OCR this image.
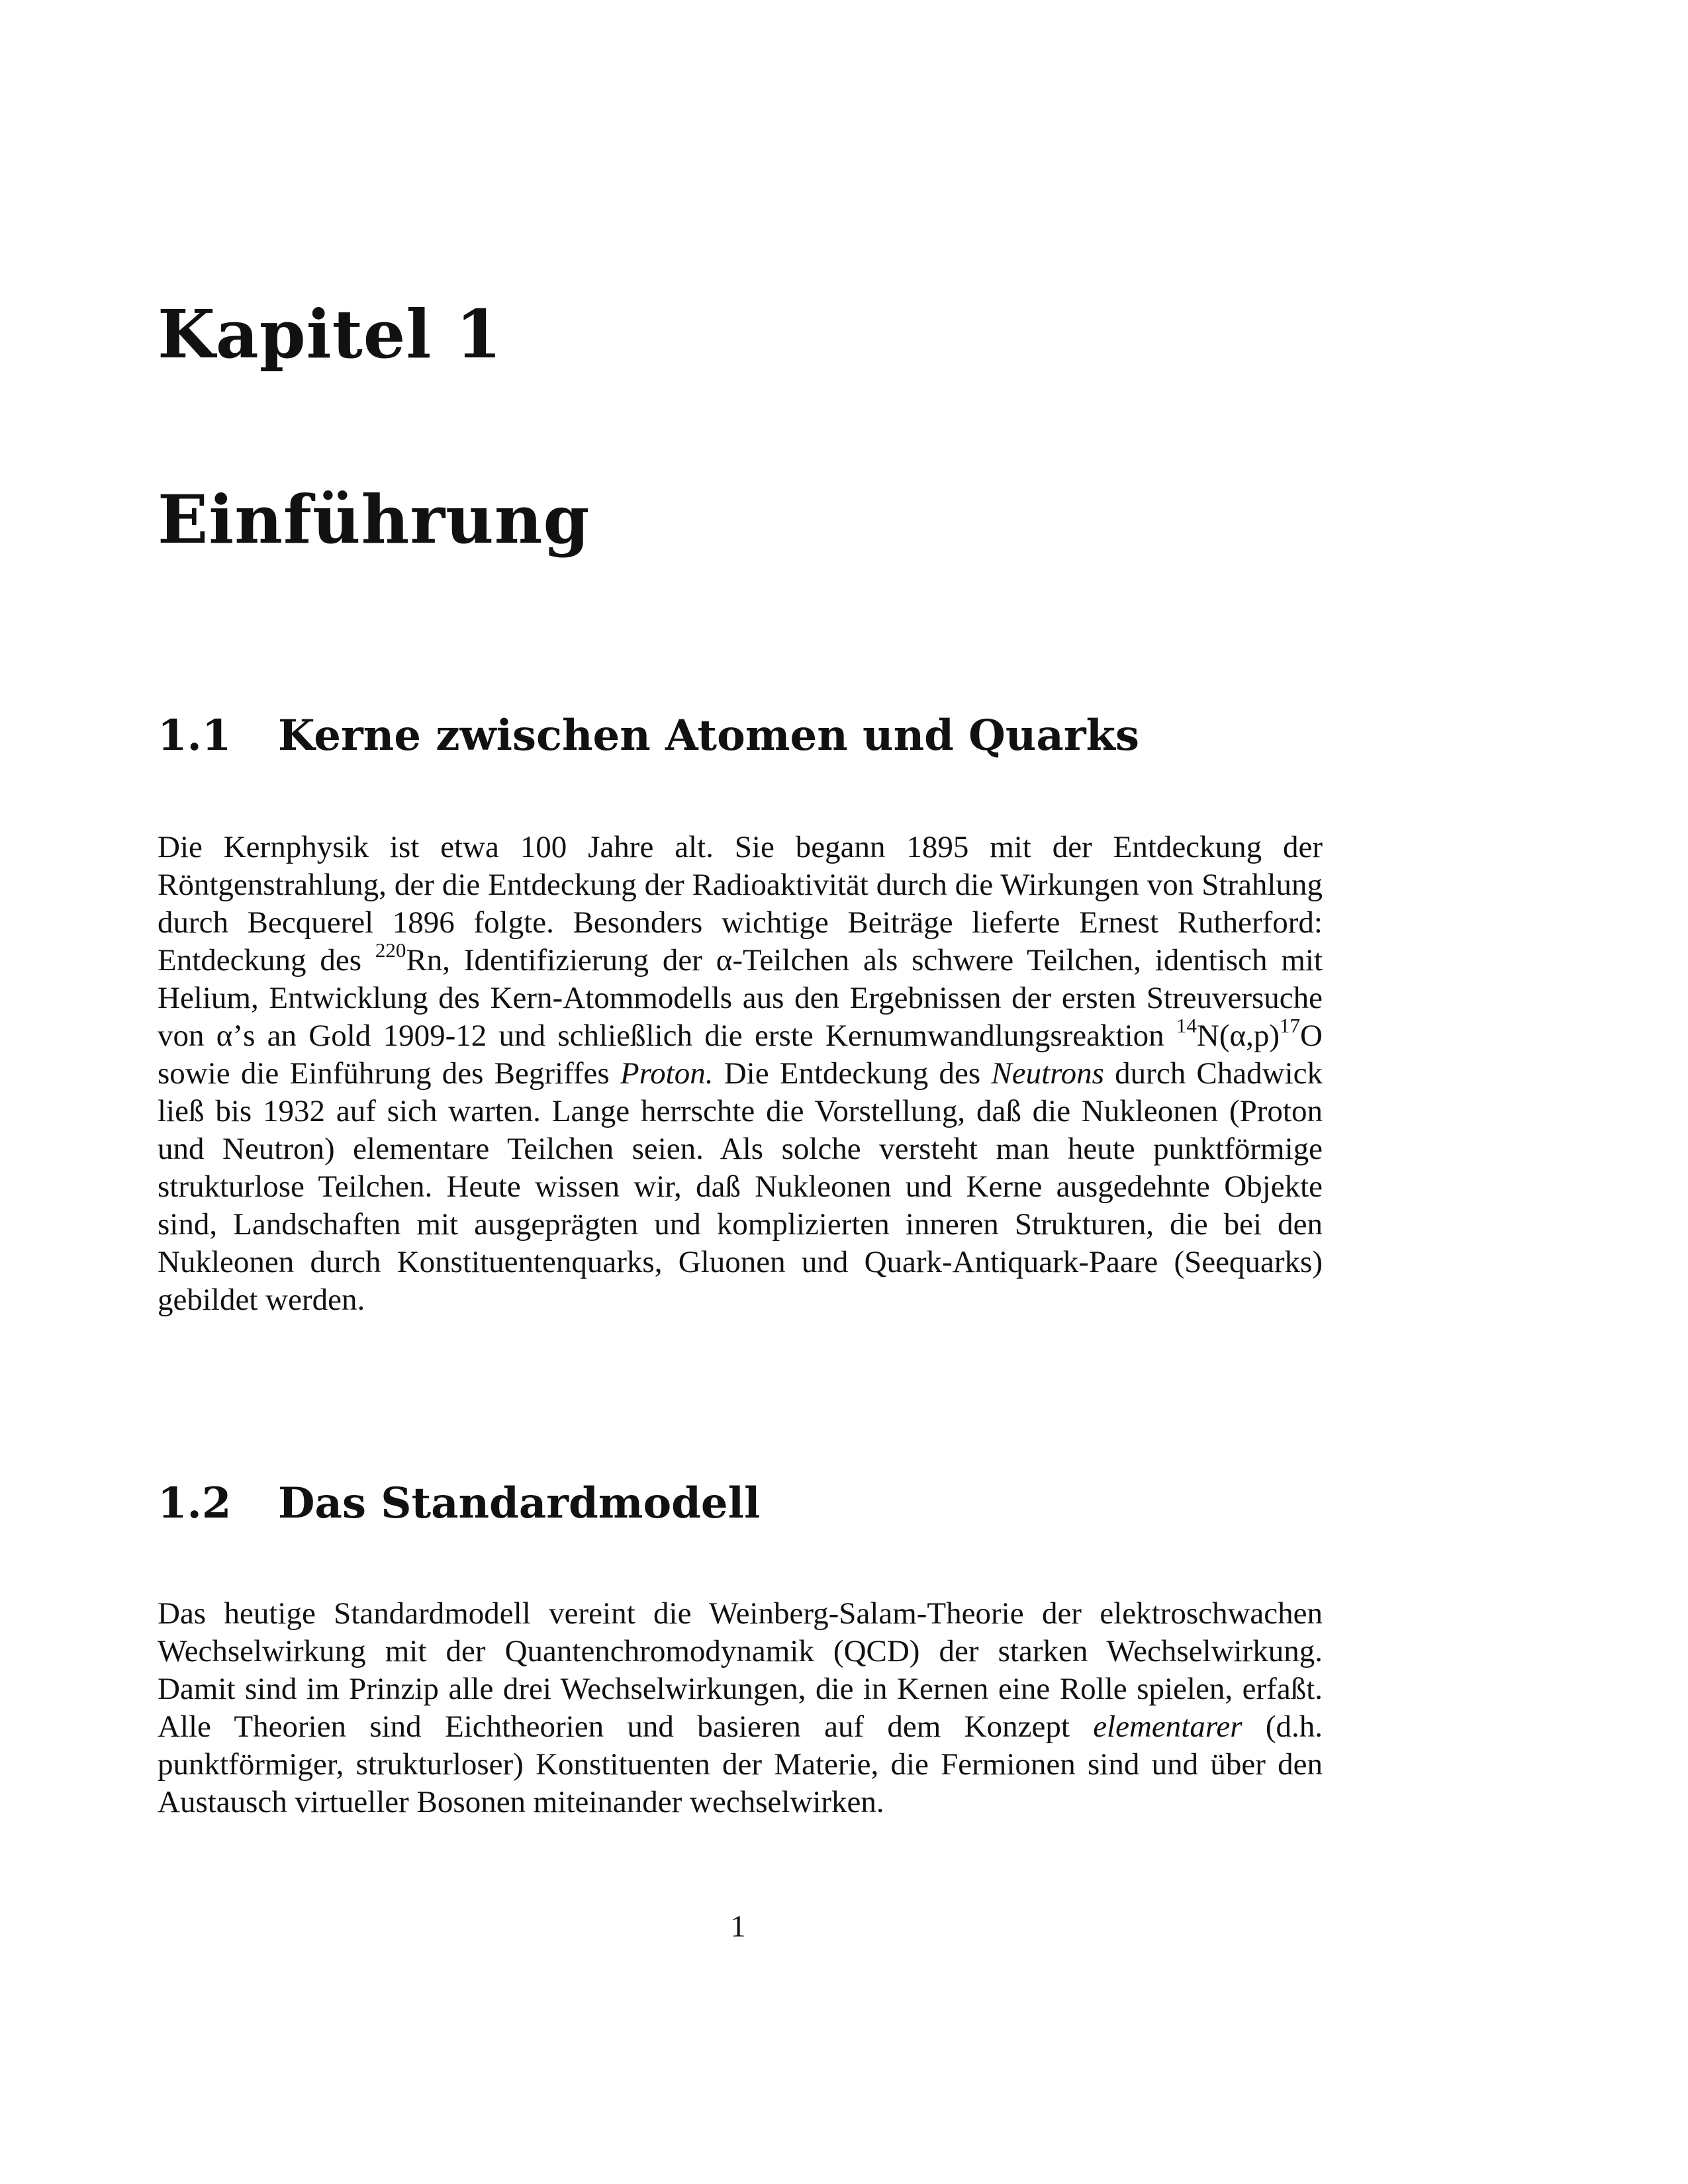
Kapitel 1
Einführung
1.1 Kerne zwischen Atomen und Quarks

Die Kernphysik ist etwa 100 Jahre alt. Sie begann 1895 mit der Entdeckung der Röntgenstrahlung, der die Entdeckung der Radioaktivität durch die Wirkungen von Strahlung durch Becquerel 1896 folgte. Besonders wichtige Beiträge lieferte Ernest Rutherford: Entdeckung des $^{220}$Rn, Identifizierung der α-Teilchen als schwere Teilchen, identisch mit Helium, Entwicklung des Kern-Atommodells aus den Ergebnissen der ersten Streuversuche von α’s an Gold 1909-12 und schließlich die erste Kernumwandlungsreaktion $^{14}N(\alpha,p)^{17}O$ sowie die Einführung des Begriffes Proton. Die Entdeckung des Neutrons durch Chadwick ließ bis 1932 auf sich warten. Lange herrschte die Vorstellung, daß die Nukleonen (Proton und Neutron) elementare Teilchen seien. Als solche versteht man heute punktförmige strukturlose Teilchen. Heute wissen wir, daß Nukleonen und Kerne ausgedehnte Objekte sind, Landschaften mit ausgeprägten und komplizierten inneren Strukturen, die bei den Nukleonen durch Konstituentenquarks, Gluonen und Quark-Antiquark-Paare (Seequarks) gebildet werden.

1.2 Das Standardmodell

Das heutige Standardmodell vereint die Weinberg-Salam-Theorie der elektroschwachen Wechselwirkung mit der Quantenchromodynamik (QCD) der starken Wechselwirkung. Damit sind im Prinzip alle drei Wechselwirkungen, die in Kernen eine Rolle spielen, erfaßt. Alle Theorien sind Eichtheorien und basieren auf dem Konzept elementarer (d.h. punktförmiger, strukturloser) Konstituenten der Materie, die Fermionen sind und über den Austausch virtueller Bosonen miteinander wechselwirken.

1
